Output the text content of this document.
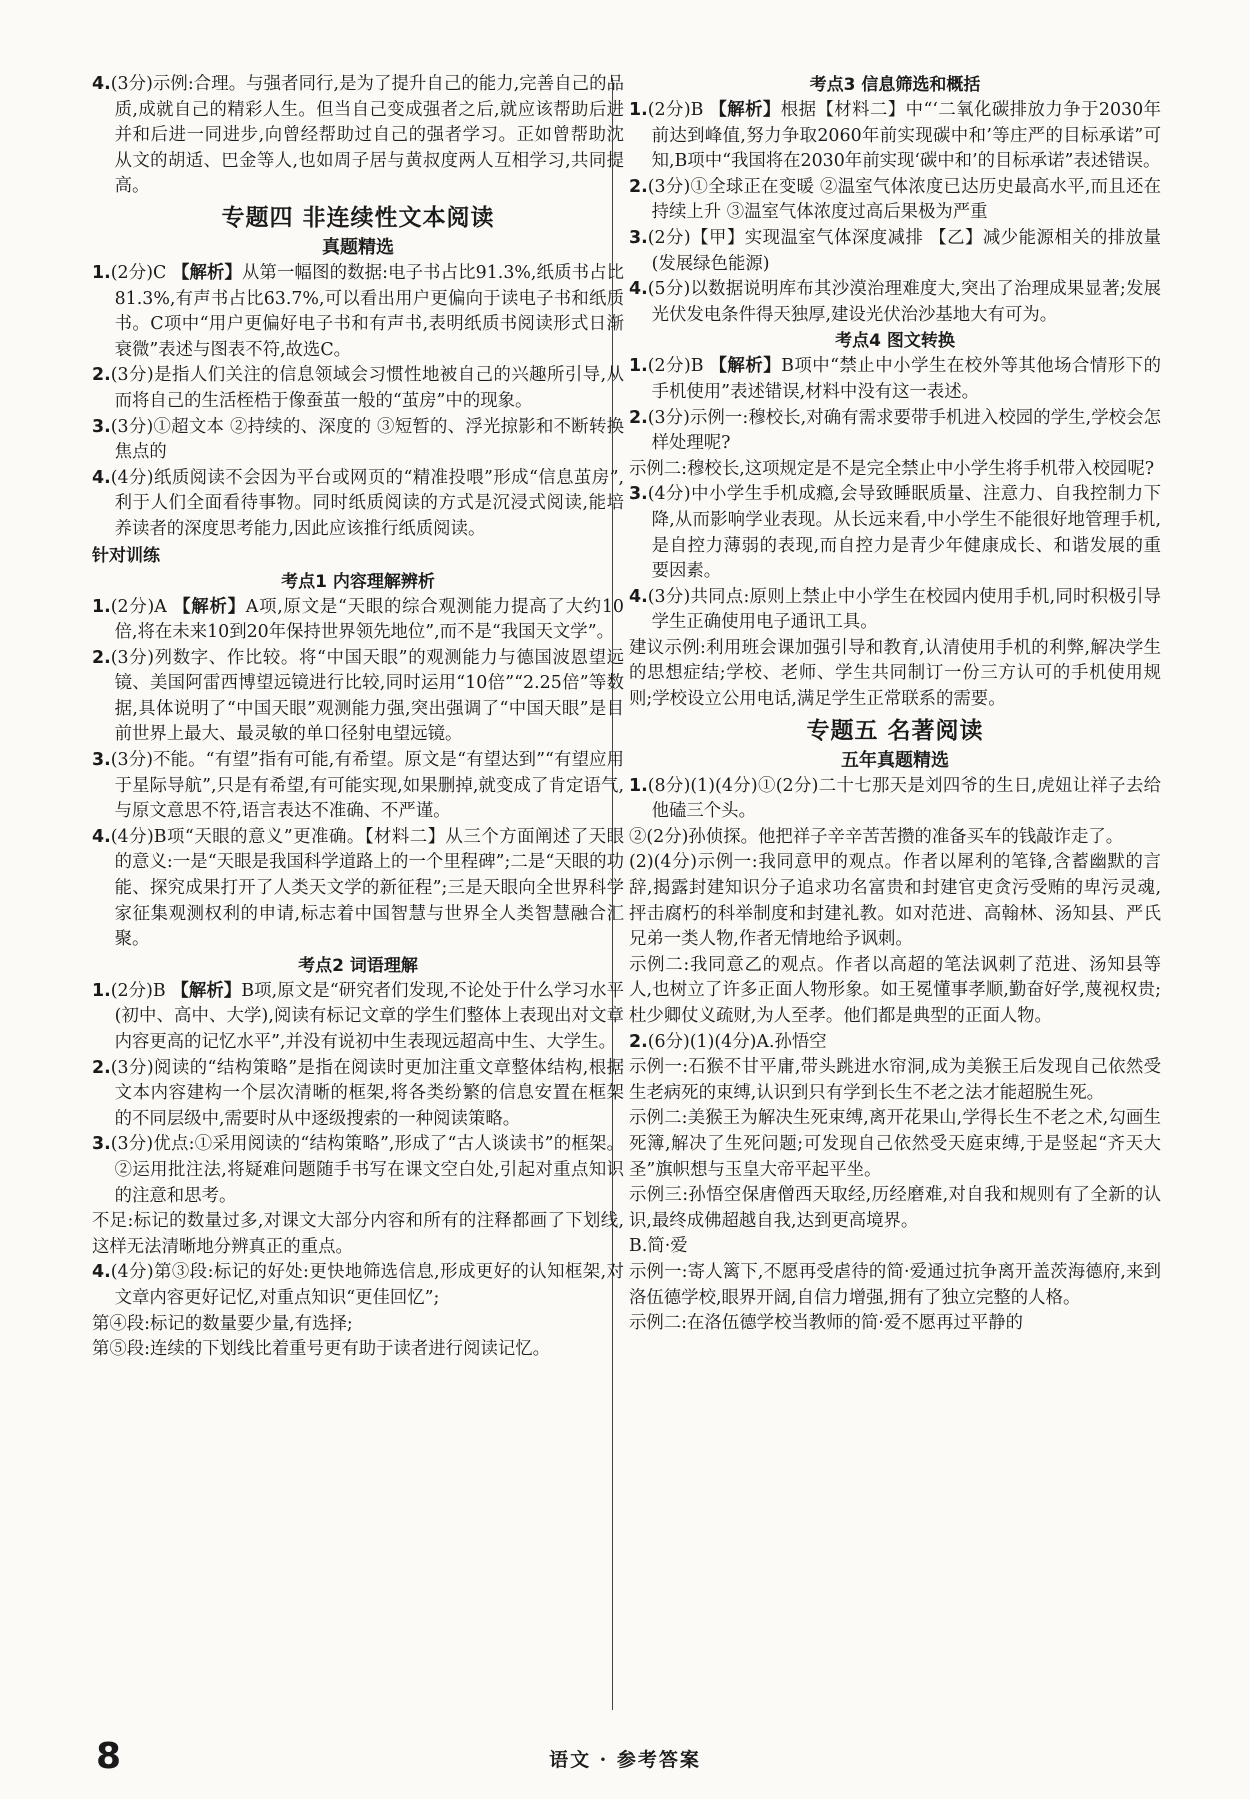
4.(3分)示例:合理。与强者同行,是为了提升自己的能力,完善自己的品质,成就自己的精彩人生。但当自己变成强者之后,就应该帮助后进并和后进一同进步,向曾经帮助过自己的强者学习。正如曾帮助沈从文的胡适、巴金等人,也如周子居与黄叔度两人互相学习,共同提高。

专题四 非连续性文本阅读
真题精选

1.(2分)C 【解析】从第一幅图的数据:电子书占比91.3%,纸质书占比81.3%,有声书占比63.7%,可以看出用户更偏向于读电子书和纸质书。C项中“用户更偏好电子书和有声书,表明纸质书阅读形式日渐衰微”表述与图表不符,故选C。

2.(3分)是指人们关注的信息领域会习惯性地被自己的兴趣所引导,从而将自己的生活桎梏于像蚕茧一般的“茧房”中的现象。

3.(3分)①超文本 ②持续的、深度的 ③短暂的、浮光掠影和不断转换焦点的

4.(4分)纸质阅读不会因为平台或网页的“精准投喂”形成“信息茧房”,利于人们全面看待事物。同时纸质阅读的方式是沉浸式阅读,能培养读者的深度思考能力,因此应该推行纸质阅读。

针对训练
考点1 内容理解辨析

1.(2分)A 【解析】A项,原文是“天眼的综合观测能力提高了大约10倍,将在未来10到20年保持世界领先地位”,而不是“我国天文学”。

2.(3分)列数字、作比较。将“中国天眼”的观测能力与德国波恩望远镜、美国阿雷西博望远镜进行比较,同时运用“10倍”“2.25倍”等数据,具体说明了“中国天眼”观测能力强,突出强调了“中国天眼”是目前世界上最大、最灵敏的单口径射电望远镜。

3.(3分)不能。“有望”指有可能,有希望。原文是“有望达到”“有望应用于星际导航”,只是有希望,有可能实现,如果删掉,就变成了肯定语气,与原文意思不符,语言表达不准确、不严谨。

4.(4分)B项“天眼的意义”更准确。【材料二】从三个方面阐述了天眼的意义:一是“天眼是我国科学道路上的一个里程碑”;二是“天眼的功能、探究成果打开了人类天文学的新征程”;三是天眼向全世界科学家征集观测权利的申请,标志着中国智慧与世界全人类智慧融合汇聚。

考点2 词语理解

1.(2分)B 【解析】B项,原文是“研究者们发现,不论处于什么学习水平(初中、高中、大学),阅读有标记文章的学生们整体上表现出对文章内容更高的记忆水平”,并没有说初中生表现远超高中生、大学生。

2.(3分)阅读的“结构策略”是指在阅读时更加注重文章整体结构,根据文本内容建构一个层次清晰的框架,将各类纷繁的信息安置在框架的不同层级中,需要时从中逐级搜索的一种阅读策略。

3.(3分)优点:①采用阅读的“结构策略”,形成了“古人谈读书”的框架。②运用批注法,将疑难问题随手书写在课文空白处,引起对重点知识的注意和思考。

不足:标记的数量过多,对课文大部分内容和所有的注释都画了下划线,这样无法清晰地分辨真正的重点。

4.(4分)第③段:标记的好处:更快地筛选信息,形成更好的认知框架,对文章内容更好记忆,对重点知识“更佳回忆”;

第④段:标记的数量要少量,有选择;

第⑤段:连续的下划线比着重号更有助于读者进行阅读记忆。

考点3 信息筛选和概括

1.(2分)B 【解析】根据【材料二】中“‘二氧化碳排放力争于2030年前达到峰值,努力争取2060年前实现碳中和’等庄严的目标承诺”可知,B项中“我国将在2030年前实现‘碳中和’的目标承诺”表述错误。

2.(3分)①全球正在变暖 ②温室气体浓度已达历史最高水平,而且还在持续上升 ③温室气体浓度过高后果极为严重

3.(2分)【甲】实现温室气体深度减排 【乙】减少能源相关的排放量(发展绿色能源)

4.(5分)以数据说明库布其沙漠治理难度大,突出了治理成果显著;发展光伏发电条件得天独厚,建设光伏治沙基地大有可为。

考点4 图文转换

1.(2分)B 【解析】B项中“禁止中小学生在校外等其他场合情形下的手机使用”表述错误,材料中没有这一表述。

2.(3分)示例一:穆校长,对确有需求要带手机进入校园的学生,学校会怎样处理呢?

示例二:穆校长,这项规定是不是完全禁止中小学生将手机带入校园呢?

3.(4分)中小学生手机成瘾,会导致睡眠质量、注意力、自我控制力下降,从而影响学业表现。从长远来看,中小学生不能很好地管理手机,是自控力薄弱的表现,而自控力是青少年健康成长、和谐发展的重要因素。

4.(3分)共同点:原则上禁止中小学生在校园内使用手机,同时积极引导学生正确使用电子通讯工具。

建议示例:利用班会课加强引导和教育,认清使用手机的利弊,解决学生的思想症结;学校、老师、学生共同制订一份三方认可的手机使用规则;学校设立公用电话,满足学生正常联系的需要。

专题五 名著阅读
五年真题精选

1.(8分)(1)(4分)①(2分)二十七那天是刘四爷的生日,虎妞让祥子去给他磕三个头。

②(2分)孙侦探。他把祥子辛辛苦苦攒的准备买车的钱敲诈走了。

(2)(4分)示例一:我同意甲的观点。作者以犀利的笔锋,含蓄幽默的言辞,揭露封建知识分子追求功名富贵和封建官吏贪污受贿的卑污灵魂,抨击腐朽的科举制度和封建礼教。如对范进、高翰林、汤知县、严氏兄弟一类人物,作者无情地给予讽刺。

示例二:我同意乙的观点。作者以高超的笔法讽刺了范进、汤知县等人,也树立了许多正面人物形象。如王冕懂事孝顺,勤奋好学,蔑视权贵;杜少卿仗义疏财,为人至孝。他们都是典型的正面人物。

2.(6分)(1)(4分)A.孙悟空

示例一:石猴不甘平庸,带头跳进水帘洞,成为美猴王后发现自己依然受生老病死的束缚,认识到只有学到长生不老之法才能超脱生死。

示例二:美猴王为解决生死束缚,离开花果山,学得长生不老之术,勾画生死簿,解决了生死问题;可发现自己依然受天庭束缚,于是竖起“齐天大圣”旗帜想与玉皇大帝平起平坐。

示例三:孙悟空保唐僧西天取经,历经磨难,对自我和规则有了全新的认识,最终成佛超越自我,达到更高境界。

B.简·爱

示例一:寄人篱下,不愿再受虐待的简·爱通过抗争离开盖茨海德府,来到洛伍德学校,眼界开阔,自信力增强,拥有了独立完整的人格。

示例二:在洛伍德学校当教师的简·爱不愿再过平静的

8	语文 · 参考答案
